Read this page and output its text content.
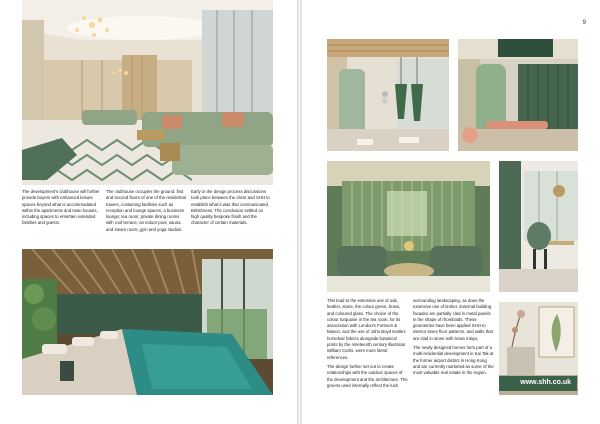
The development's clubhouse will further provide buyers with enhanced leisure spaces beyond what is accommodated within the apartments and town houses, including spaces to entertain extended families and guests.
The clubhouse occupies the ground, first and second floors of one of the residential towers, containing facilities such as reception and lounge spaces; a business lounge; tea room; private dining rooms with roof terrace; an indoor pool, sauna and steam room; gym and yoga studios.
Early in the design process discussions took place between the client and SHH to establish what it was that communicated Britishness. The conclusion settled on high quality bespoke finish and the character of certain materials.
9
www.shh.co.uk

This lead to the extensive use of oak, leather, stone, the colour green, brass, and coloured glass. The choice of the colour turquoise in the tea room, for its association with London's Fortnum & Mason, and the use of John Boyd textiles horsehair fabrics alongside botanical prints by the nineteenth century illustrator William Curtis, were more literal references.

The design further set out to create relationships with the outdoor spaces of the development and the architecture. The greens used internally reflect the lush

surrounding landscaping, as does the extensive use of timber. External building facades are partially clad in metal panels in the shape of rhomboids. These geometries have been applied SHH to interior stone floor patterns, and walls that are clad in stone with brass inlays.

The newly designed homes form part of a multi-residential development in Kai Tak at the former airport district in Hong Kong and are currently marketed as some of the most valuable real estate in the region.
